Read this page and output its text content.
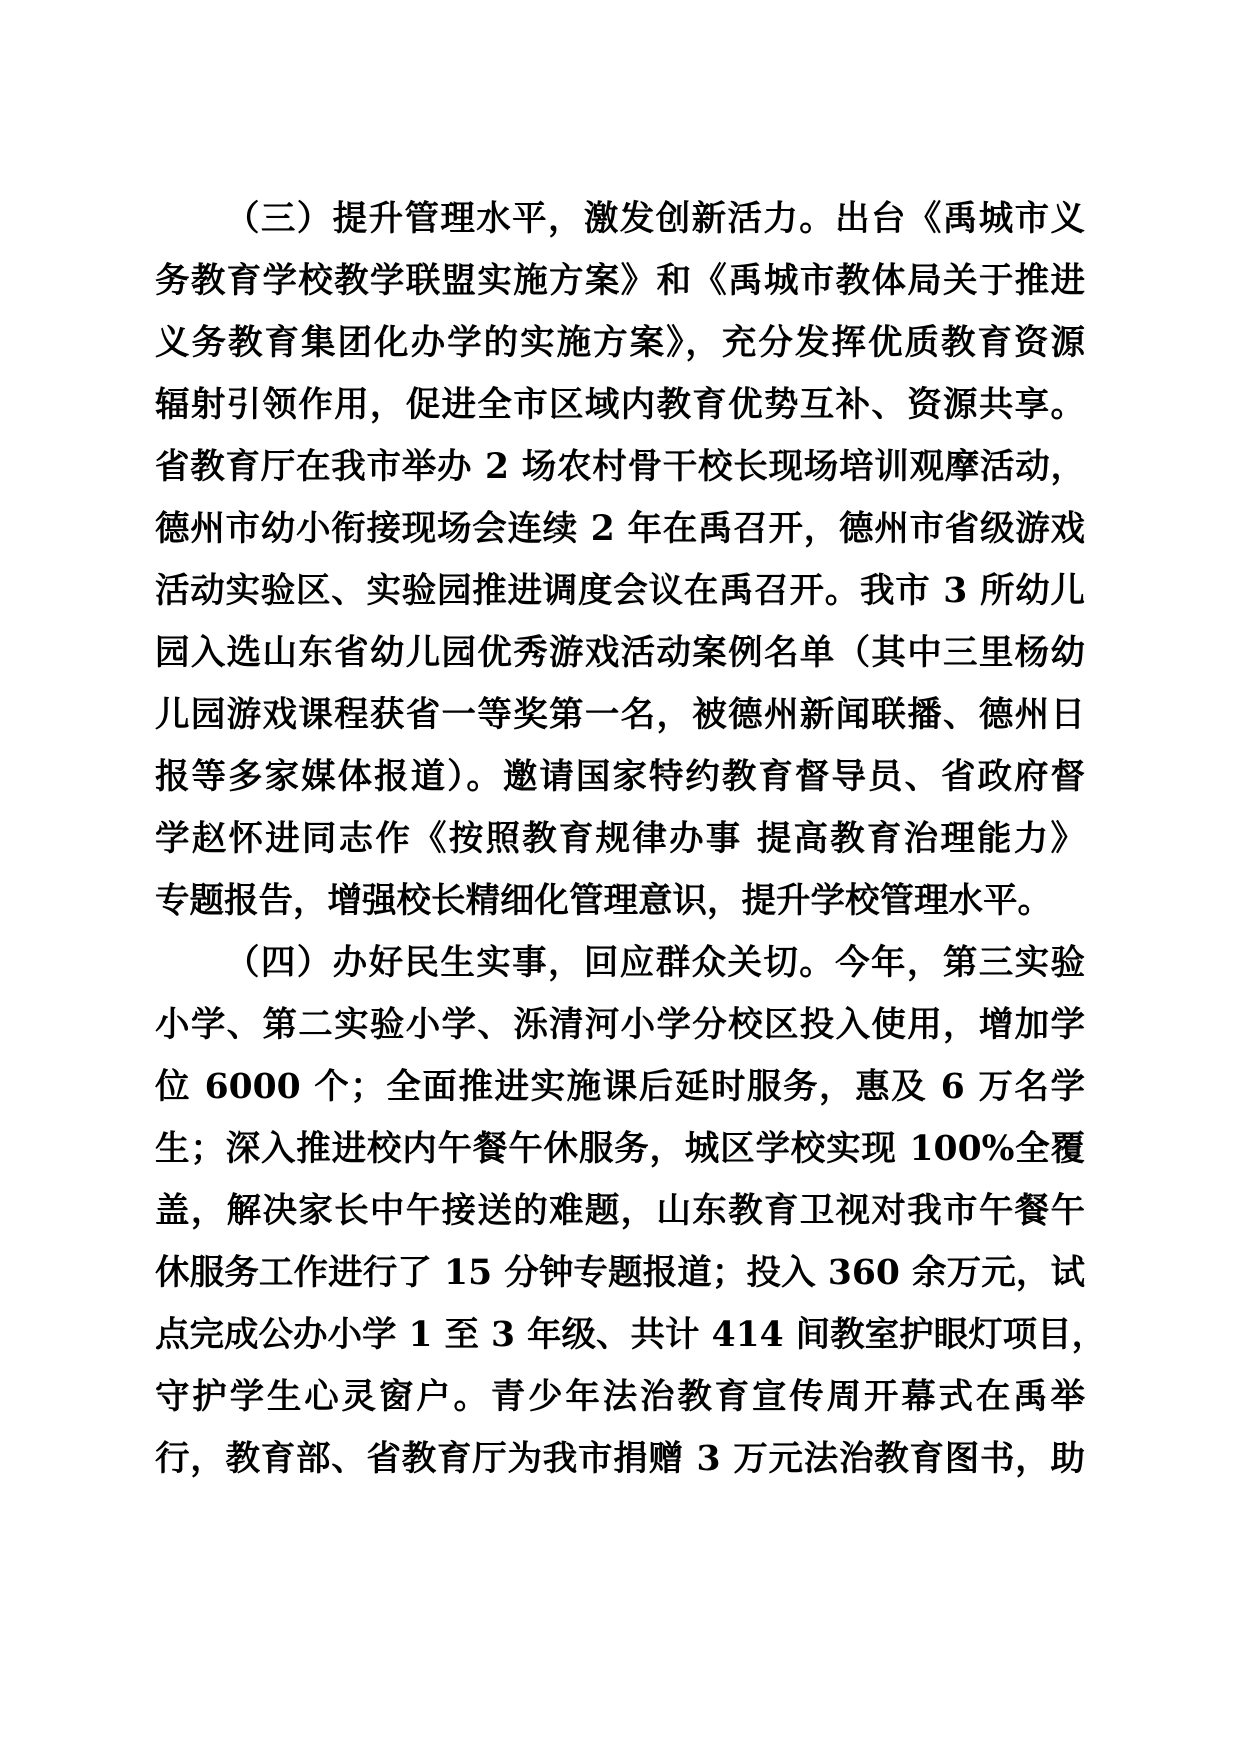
（三）提升管理水平，激发创新活力。出台《禹城市义
务教育学校教学联盟实施方案》和《禹城市教体局关于推进
义务教育集团化办学的实施方案》，充分发挥优质教育资源
辐射引领作用，促进全市区域内教育优势互补、资源共享。
省教育厅在我市举办 2 场农村骨干校长现场培训观摩活动，
德州市幼小衔接现场会连续 2 年在禹召开，德州市省级游戏
活动实验区、实验园推进调度会议在禹召开。我市 3 所幼儿
园入选山东省幼儿园优秀游戏活动案例名单（其中三里杨幼
儿园游戏课程获省一等奖第一名，被德州新闻联播、德州日
报等多家媒体报道）。邀请国家特约教育督导员、省政府督
学赵怀进同志作《按照教育规律办事 提高教育治理能力》
专题报告，增强校长精细化管理意识，提升学校管理水平。
（四）办好民生实事，回应群众关切。今年，第三实验
小学、第二实验小学、泺清河小学分校区投入使用，增加学
位 6000 个；全面推进实施课后延时服务，惠及 6 万名学
生；深入推进校内午餐午休服务，城区学校实现 100%全覆
盖，解决家长中午接送的难题，山东教育卫视对我市午餐午
休服务工作进行了 15 分钟专题报道；投入 360 余万元，试
点完成公办小学 1 至 3 年级、共计 414 间教室护眼灯项目，
守护学生心灵窗户。青少年法治教育宣传周开幕式在禹举
行，教育部、省教育厅为我市捐赠 3 万元法治教育图书，助
